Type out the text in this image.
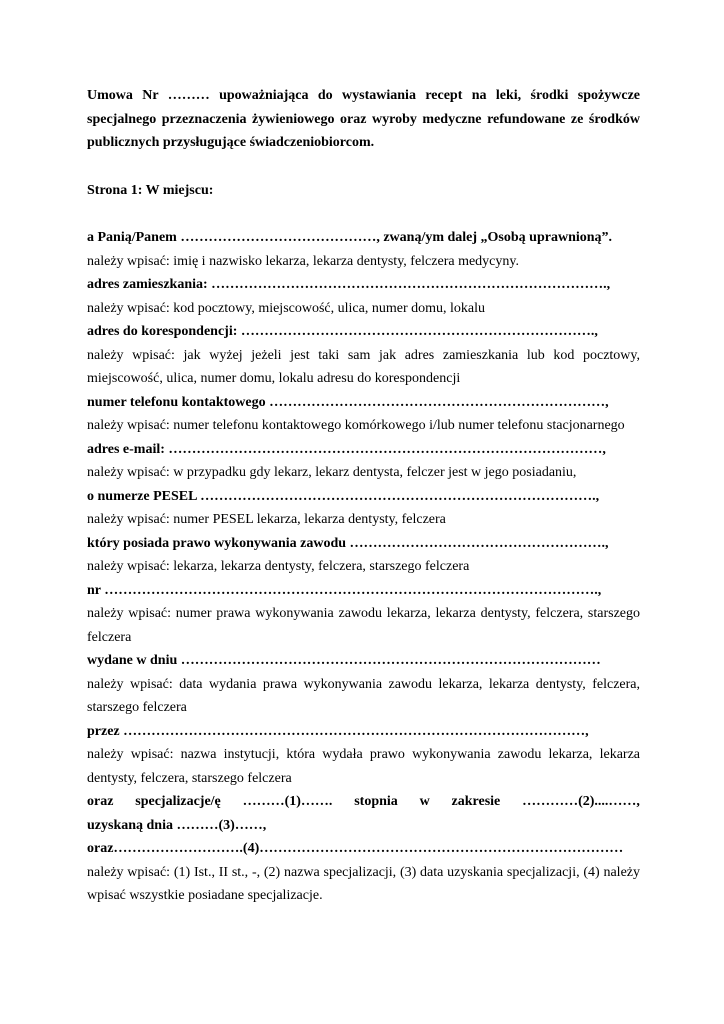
Umowa Nr ……… upoważniająca do wystawiania recept na leki, środki spożywcze specjalnego przeznaczenia żywieniowego oraz wyroby medyczne refundowane ze środków publicznych przysługujące świadczeniobiorcom.

Strona 1: W miejscu:

a Panią/Panem ……………………………………, zwaną/ym dalej „Osobą uprawnioną”.

należy wpisać: imię i nazwisko lekarza, lekarza dentysty, felczera medycyny.

adres zamieszkania: ………………………………………………………………………….,

należy wpisać: kod pocztowy, miejscowość, ulica, numer domu, lokalu

adres do korespondencji: ………………………………………………………………….,

należy wpisać: jak wyżej jeżeli jest taki sam jak adres zamieszkania lub kod pocztowy, miejscowość, ulica, numer domu, lokalu adresu do korespondencji

numer telefonu kontaktowego ………………………………………………………………,

należy wpisać: numer telefonu kontaktowego komórkowego i/lub numer telefonu stacjonarnego

adres e-mail: …………………………………………………………………………………,

należy wpisać: w przypadku gdy lekarz, lekarz dentysta, felczer jest w jego posiadaniu,

o numerze PESEL ………………………………………………………………………….,

należy wpisać: numer PESEL lekarza, lekarza dentysty, felczera

który posiada prawo wykonywania zawodu ……………………………………………….,

należy wpisać: lekarza, lekarza dentysty, felczera, starszego felczera

nr …………………………………………………………………………………………….,

należy wpisać: numer prawa wykonywania zawodu lekarza, lekarza dentysty, felczera, starszego felczera

wydane w dniu ………………………………………………………………………………

należy wpisać: data wydania prawa wykonywania zawodu lekarza, lekarza dentysty, felczera, starszego felczera

przez ………………………………………………………………………………………,

należy wpisać: nazwa instytucji, która wydała prawo wykonywania zawodu lekarza, lekarza dentysty, felczera, starszego felczera

oraz specjalizacje/ę ………(1)……. stopnia w zakresie …………(2)....……,

uzyskaną dnia ………(3)……,

oraz……………………….(4)……………………………………………………………………

należy wpisać: (1) Ist., II st., -, (2) nazwa specjalizacji, (3) data uzyskania specjalizacji, (4) należy wpisać wszystkie posiadane specjalizacje.
